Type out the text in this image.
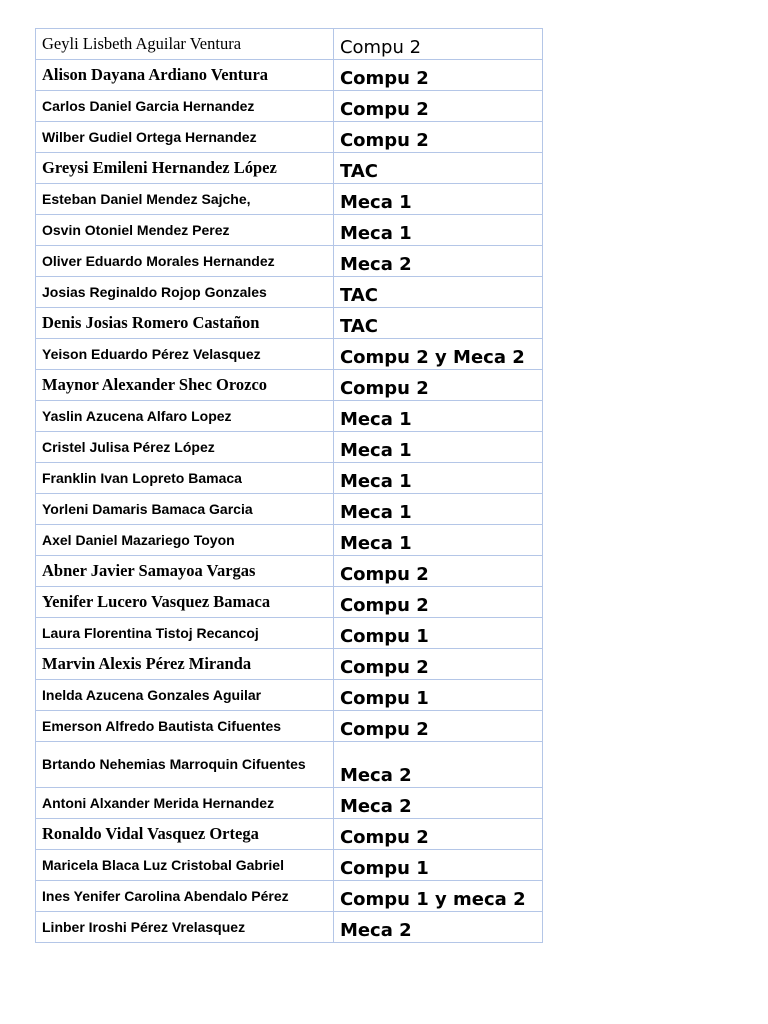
Geyli Lisbeth Aguilar Ventura	Compu 2
Alison Dayana Ardiano Ventura	Compu 2
Carlos Daniel Garcia Hernandez	Compu 2
Wilber Gudiel Ortega Hernandez	Compu 2
Greysi Emileni Hernandez López	TAC
Esteban Daniel Mendez Sajche,	Meca 1
Osvin Otoniel Mendez Perez	Meca 1
Oliver Eduardo Morales Hernandez	Meca 2
Josias Reginaldo Rojop Gonzales	TAC
Denis Josias Romero Castañon	TAC
Yeison Eduardo Pérez Velasquez	Compu 2 y Meca 2
Maynor Alexander Shec Orozco	Compu 2
Yaslin Azucena Alfaro Lopez	Meca 1
Cristel Julisa Pérez López	Meca 1
Franklin Ivan Lopreto Bamaca	Meca 1
Yorleni Damaris Bamaca Garcia	Meca 1
Axel Daniel Mazariego Toyon	Meca 1
Abner Javier Samayoa Vargas	Compu 2
Yenifer Lucero Vasquez Bamaca	Compu 2
Laura Florentina Tistoj Recancoj	Compu 1
Marvin Alexis Pérez Miranda	Compu 2
Inelda Azucena Gonzales Aguilar	Compu 1
Emerson Alfredo Bautista Cifuentes	Compu 2
Brtando Nehemias Marroquin Cifuentes	Meca 2
Antoni Alxander Merida Hernandez	Meca 2
Ronaldo Vidal Vasquez Ortega	Compu 2
Maricela Blaca Luz Cristobal Gabriel	Compu 1
Ines Yenifer Carolina Abendalo Pérez	Compu 1 y meca 2
Linber Iroshi Pérez Vrelasquez	Meca 2
